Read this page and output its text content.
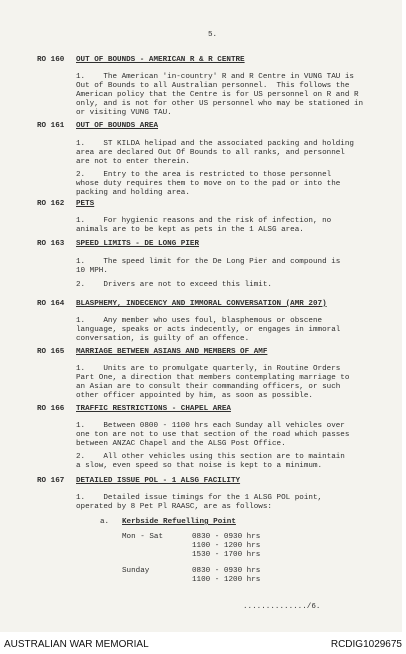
5.
RO 160 OUT OF BOUNDS - AMERICAN R & R CENTRE
1.    The American 'in-country' R and R Centre in VUNG TAU is
Out of Bounds to all Australian personnel.  This follows the
American policy that the Centre is for US personnel on R and R
only, and is not for other US personnel who may be stationed in
or visiting VUNG TAU.
RO 161 OUT OF BOUNDS AREA
1.    ST KILDA helipad and the associated packing and holding
area are declared Out Of Bounds to all ranks, and personnel
are not to enter therein.
2.    Entry to the area is restricted to those personnel
whose duty requires them to move on to the pad or into the
packing and holding area.
RO 162 PETS
1.    For hygienic reasons and the risk of infection, no
animals are to be kept as pets in the 1 ALSG area.
RO 163 SPEED LIMITS - DE LONG PIER
1.    The speed limit for the De Long Pier and compound is
10 MPH.
2.    Drivers are not to exceed this limit.
RO 164 BLASPHEMY, INDECENCY AND IMMORAL CONVERSATION (AMR 207)
1.    Any member who uses foul, blasphemous or obscene
language, speaks or acts indecently, or engages in immoral
conversation, is guilty of an offence.
RO 165 MARRIAGE BETWEEN ASIANS AND MEMBERS OF AMF
1.    Units are to promulgate quarterly, in Routine Orders
Part One, a direction that members contemplating marriage to
an Asian are to consult their commanding officers, or such
other officer appointed by him, as soon as possible.
RO 166 TRAFFIC RESTRICTIONS - CHAPEL AREA
1.    Between 0800 - 1100 hrs each Sunday all vehicles over
one ton are not to use that section of the road which passes
between ANZAC Chapel and the ALSG Post Office.
2.    All other vehicles using this section are to maintain
a slow, even speed so that noise is kept to a minimum.
RO 167 DETAILED ISSUE POL - 1 ALSG FACILITY
1.    Detailed issue timings for the 1 ALSG POL point,
operated by 8 Pet Pl RAASC, are as follows:
a. Kerbside Refuelling Point
Mon - Sat	0830 - 0930 hrs
1100 - 1200 hrs
1530 - 1700 hrs
Sunday	0830 - 0930 hrs
1100 - 1200 hrs
............../6.
AUSTRALIAN WAR MEMORIAL	RCDIG1029675
